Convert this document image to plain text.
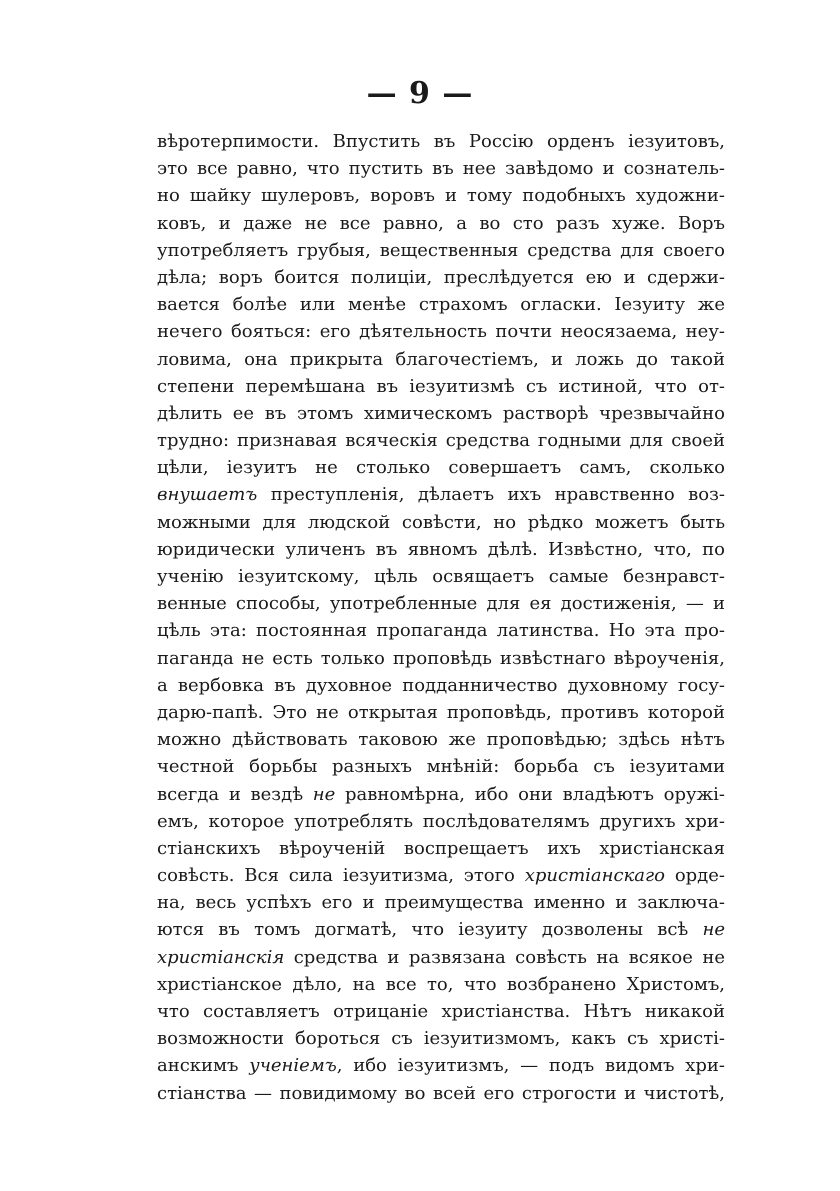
— 9 —
вѣротерпимости. Впустить въ Россію орденъ іезуитовъ,
это все равно, что пустить въ нее завѣдомо и сознатель-
но шайку шулеровъ, воровъ и тому подобныхъ художни-
ковъ, и даже не все равно, а во сто разъ хуже. Воръ
употребляетъ грубыя, вещественныя средства для своего
дѣла; воръ боится полиціи, преслѣдуется ею и сдержи-
вается болѣе или менѣе страхомъ огласки. Іезуиту же
нечего бояться: его дѣятельность почти неосязаема, неу-
ловима, она прикрыта благочестіемъ, и ложь до такой
степени перемѣшана въ іезуитизмѣ съ истиной, что от-
дѣлить ее въ этомъ химическомъ растворѣ чрезвычайно
трудно: признавая всяческія средства годными для своей
цѣли, іезуитъ не столько совершаетъ самъ, сколько
внушаетъ преступленія, дѣлаетъ ихъ нравственно воз-
можными для людской совѣсти, но рѣдко можетъ быть
юридически уличенъ въ явномъ дѣлѣ. Извѣстно, что, по
ученію іезуитскому, цѣль освящаетъ самые безнравст-
венные способы, употребленные для ея достиженія, — и
цѣль эта: постоянная пропаганда латинства. Но эта про-
паганда не есть только проповѣдь извѣстнаго вѣроученія,
а вербовка въ духовное подданничество духовному госу-
дарю-папѣ. Это не открытая проповѣдь, противъ которой
можно дѣйствовать таковою же проповѣдью; здѣсь нѣтъ
честной борьбы разныхъ мнѣній: борьба съ іезуитами
всегда и вездѣ не равномѣрна, ибо они владѣютъ оружі-
емъ, которое употреблять послѣдователямъ другихъ хри-
стіанскихъ вѣроученій воспрещаетъ ихъ христіанская
совѣсть. Вся сила іезуитизма, этого христіанскаго орде-
на, весь успѣхъ его и преимущества именно и заключа-
ются въ томъ догматѣ, что іезуиту дозволены всѣ не
христіанскія средства и развязана совѣсть на всякое не
христіанское дѣло, на все то, что возбранено Христомъ,
что составляетъ отрицаніе христіанства. Нѣтъ никакой
возможности бороться съ іезуитизмомъ, какъ съ христі-
анскимъ ученіемъ, ибо іезуитизмъ, — подъ видомъ хри-
стіанства — повидимому во всей его строгости и чистотѣ,
